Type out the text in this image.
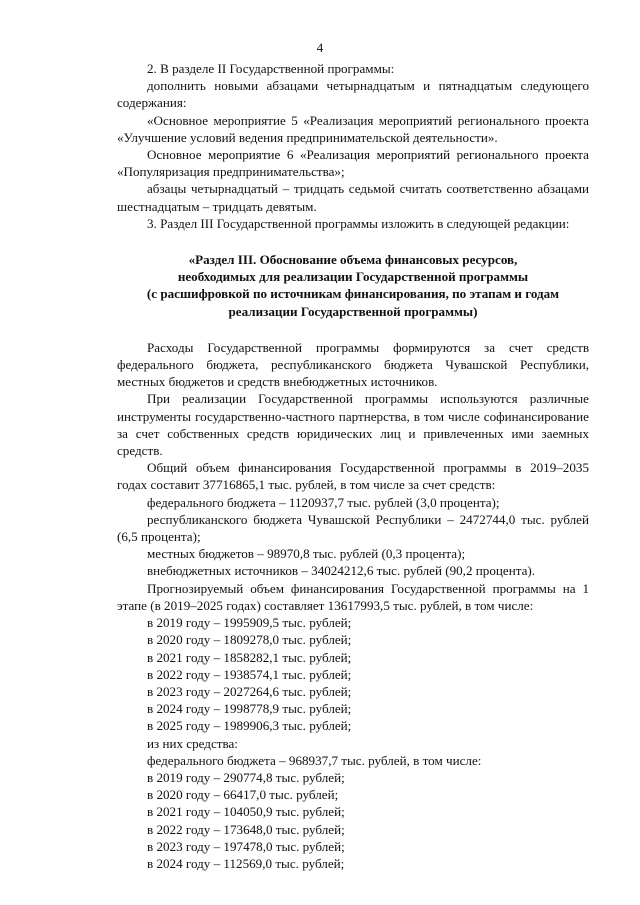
4

2. В разделе II Государственной программы:

дополнить новыми абзацами четырнадцатым и пятнадцатым следующего содержания:

«Основное мероприятие 5 «Реализация мероприятий регионального проекта «Улучшение условий ведения предпринимательской деятельности».

Основное мероприятие 6 «Реализация мероприятий регионального проекта «Популяризация предпринимательства»;

абзацы четырнадцатый – тридцать седьмой считать соответственно абзацами шестнадцатым – тридцать девятым.

3. Раздел III Государственной программы изложить в следующей редакции:

«Раздел III. Обоснование объема финансовых ресурсов,
необходимых для реализации Государственной программы
(с расшифровкой по источникам финансирования, по этапам и годам
реализации Государственной программы)

Расходы Государственной программы формируются за счет средств федерального бюджета, республиканского бюджета Чувашской Республики, местных бюджетов и средств внебюджетных источников.

При реализации Государственной программы используются различные инструменты государственно-частного партнерства, в том числе софинансирование за счет собственных средств юридических лиц и привлеченных ими заемных средств.

Общий объем финансирования Государственной программы в 2019–2035 годах составит 37716865,1 тыс. рублей, в том числе за счет средств:

федерального бюджета – 1120937,7 тыс. рублей (3,0 процента);

республиканского бюджета Чувашской Республики – 2472744,0 тыс. рублей (6,5 процента);

местных бюджетов – 98970,8 тыс. рублей (0,3 процента);

внебюджетных источников – 34024212,6 тыс. рублей (90,2 процента).

Прогнозируемый объем финансирования Государственной программы на 1 этапе (в 2019–2025 годах) составляет 13617993,5 тыс. рублей, в том числе:

в 2019 году – 1995909,5 тыс. рублей;

в 2020 году – 1809278,0 тыс. рублей;

в 2021 году – 1858282,1 тыс. рублей;

в 2022 году – 1938574,1 тыс. рублей;

в 2023 году – 2027264,6 тыс. рублей;

в 2024 году – 1998778,9 тыс. рублей;

в 2025 году – 1989906,3 тыс. рублей;

из них средства:

федерального бюджета – 968937,7 тыс. рублей, в том числе:

в 2019 году – 290774,8 тыс. рублей;

в 2020 году – 66417,0 тыс. рублей;

в 2021 году – 104050,9 тыс. рублей;

в 2022 году – 173648,0 тыс. рублей;

в 2023 году – 197478,0 тыс. рублей;

в 2024 году – 112569,0 тыс. рублей;
